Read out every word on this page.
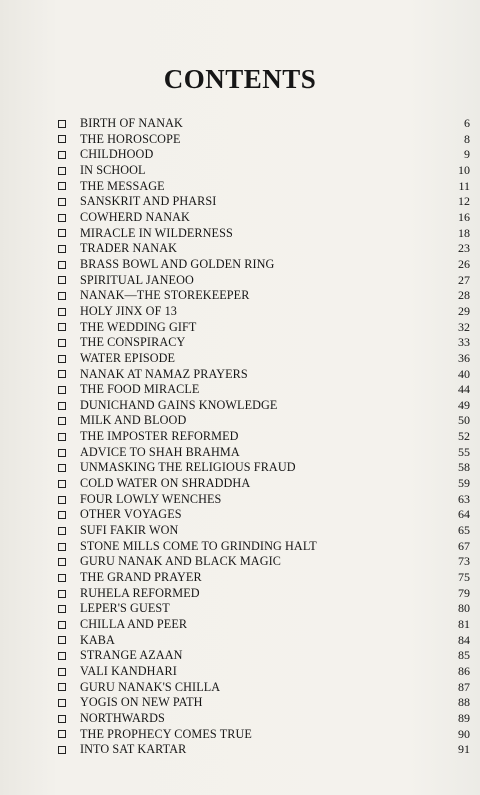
CONTENTS
BIRTH OF NANAK	6
THE HOROSCOPE	8
CHILDHOOD	9
IN SCHOOL	10
THE MESSAGE	11
SANSKRIT AND PHARSI	12
COWHERD NANAK	16
MIRACLE IN WILDERNESS	18
TRADER NANAK	23
BRASS BOWL AND GOLDEN RING	26
SPIRITUAL JANEOO	27
NANAK—THE STOREKEEPER	28
HOLY JINX OF 13	29
THE WEDDING GIFT	32
THE CONSPIRACY	33
WATER EPISODE	36
NANAK AT NAMAZ PRAYERS	40
THE FOOD MIRACLE	44
DUNICHAND GAINS KNOWLEDGE	49
MILK AND BLOOD	50
THE IMPOSTER REFORMED	52
ADVICE TO SHAH BRAHMA	55
UNMASKING THE RELIGIOUS FRAUD	58
COLD WATER ON SHRADDHA	59
FOUR LOWLY WENCHES	63
OTHER VOYAGES	64
SUFI FAKIR WON	65
STONE MILLS COME TO GRINDING HALT	67
GURU NANAK AND BLACK MAGIC	73
THE GRAND PRAYER	75
RUHELA REFORMED	79
LEPER'S GUEST	80
CHILLA AND PEER	81
KABA	84
STRANGE AZAAN	85
VALI KANDHARI	86
GURU NANAK'S CHILLA	87
YOGIS ON NEW PATH	88
NORTHWARDS	89
THE PROPHECY COMES TRUE	90
INTO SAT KARTAR	91
